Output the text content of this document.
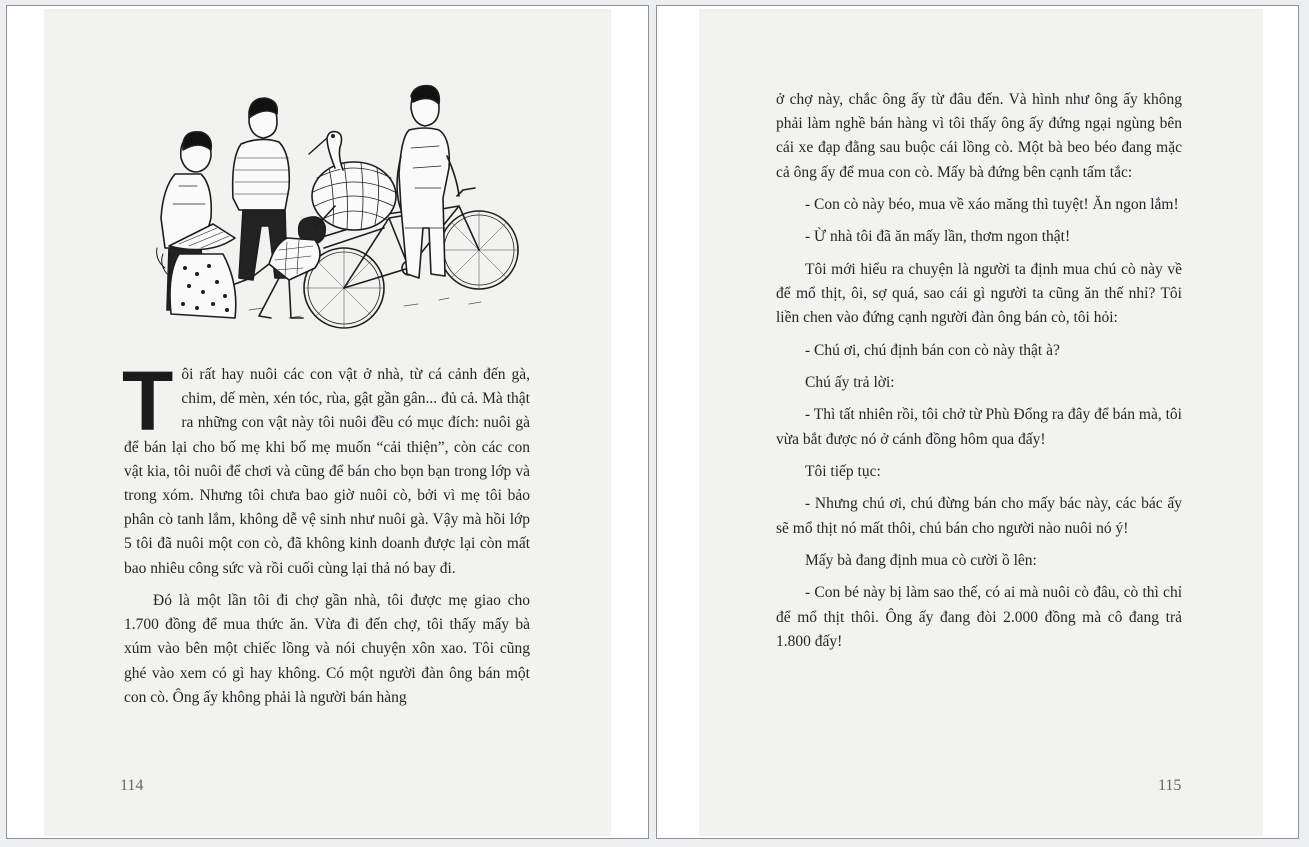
Tôi rất hay nuôi các con vật ở nhà, từ cá cảnh đến gà, chim, dế mèn, xén tóc, rùa, gật gần gân... đủ cả. Mà thật ra những con vật này tôi nuôi đều có mục đích: nuôi gà để bán lại cho bố mẹ khi bố mẹ muốn “cải thiện”, còn các con vật kia, tôi nuôi để chơi và cũng để bán cho bọn bạn trong lớp và trong xóm. Nhưng tôi chưa bao giờ nuôi cò, bởi vì mẹ tôi bảo phân cò tanh lắm, không dễ vệ sinh như nuôi gà. Vậy mà hồi lớp 5 tôi đã nuôi một con cò, đã không kinh doanh được lại còn mất bao nhiêu công sức và rồi cuối cùng lại thả nó bay đi.

Đó là một lần tôi đi chợ gần nhà, tôi được mẹ giao cho 1.700 đồng để mua thức ăn. Vừa đi đến chợ, tôi thấy mấy bà xúm vào bên một chiếc lồng và nói chuyện xôn xao. Tôi cũng ghé vào xem có gì hay không. Có một người đàn ông bán một con cò. Ông ấy không phải là người bán hàng

114

ở chợ này, chắc ông ấy từ đâu đến. Và hình như ông ấy không phải làm nghề bán hàng vì tôi thấy ông ấy đứng ngại ngùng bên cái xe đạp đằng sau buộc cái lồng cò. Một bà beo béo đang mặc cả ông ấy để mua con cò. Mấy bà đứng bên cạnh tấm tắc:

- Con cò này béo, mua về xáo măng thì tuyệt! Ăn ngon lắm!

- Ừ nhà tôi đã ăn mấy lần, thơm ngon thật!

Tôi mới hiểu ra chuyện là người ta định mua chú cò này về để mổ thịt, ôi, sợ quá, sao cái gì người ta cũng ăn thế nhỉ? Tôi liền chen vào đứng cạnh người đàn ông bán cò, tôi hỏi:

- Chú ơi, chú định bán con cò này thật à?

Chú ấy trả lời:

- Thì tất nhiên rồi, tôi chở từ Phù Đổng ra đây để bán mà, tôi vừa bắt được nó ở cánh đồng hôm qua đấy!

Tôi tiếp tục:

- Nhưng chú ơi, chú đừng bán cho mấy bác này, các bác ấy sẽ mổ thịt nó mất thôi, chú bán cho người nào nuôi nó ý!

Mấy bà đang định mua cò cười ồ lên:

- Con bé này bị làm sao thế, có ai mà nuôi cò đâu, cò thì chỉ để mổ thịt thôi. Ông ấy đang đòi 2.000 đồng mà cô đang trả 1.800 đấy!

115
